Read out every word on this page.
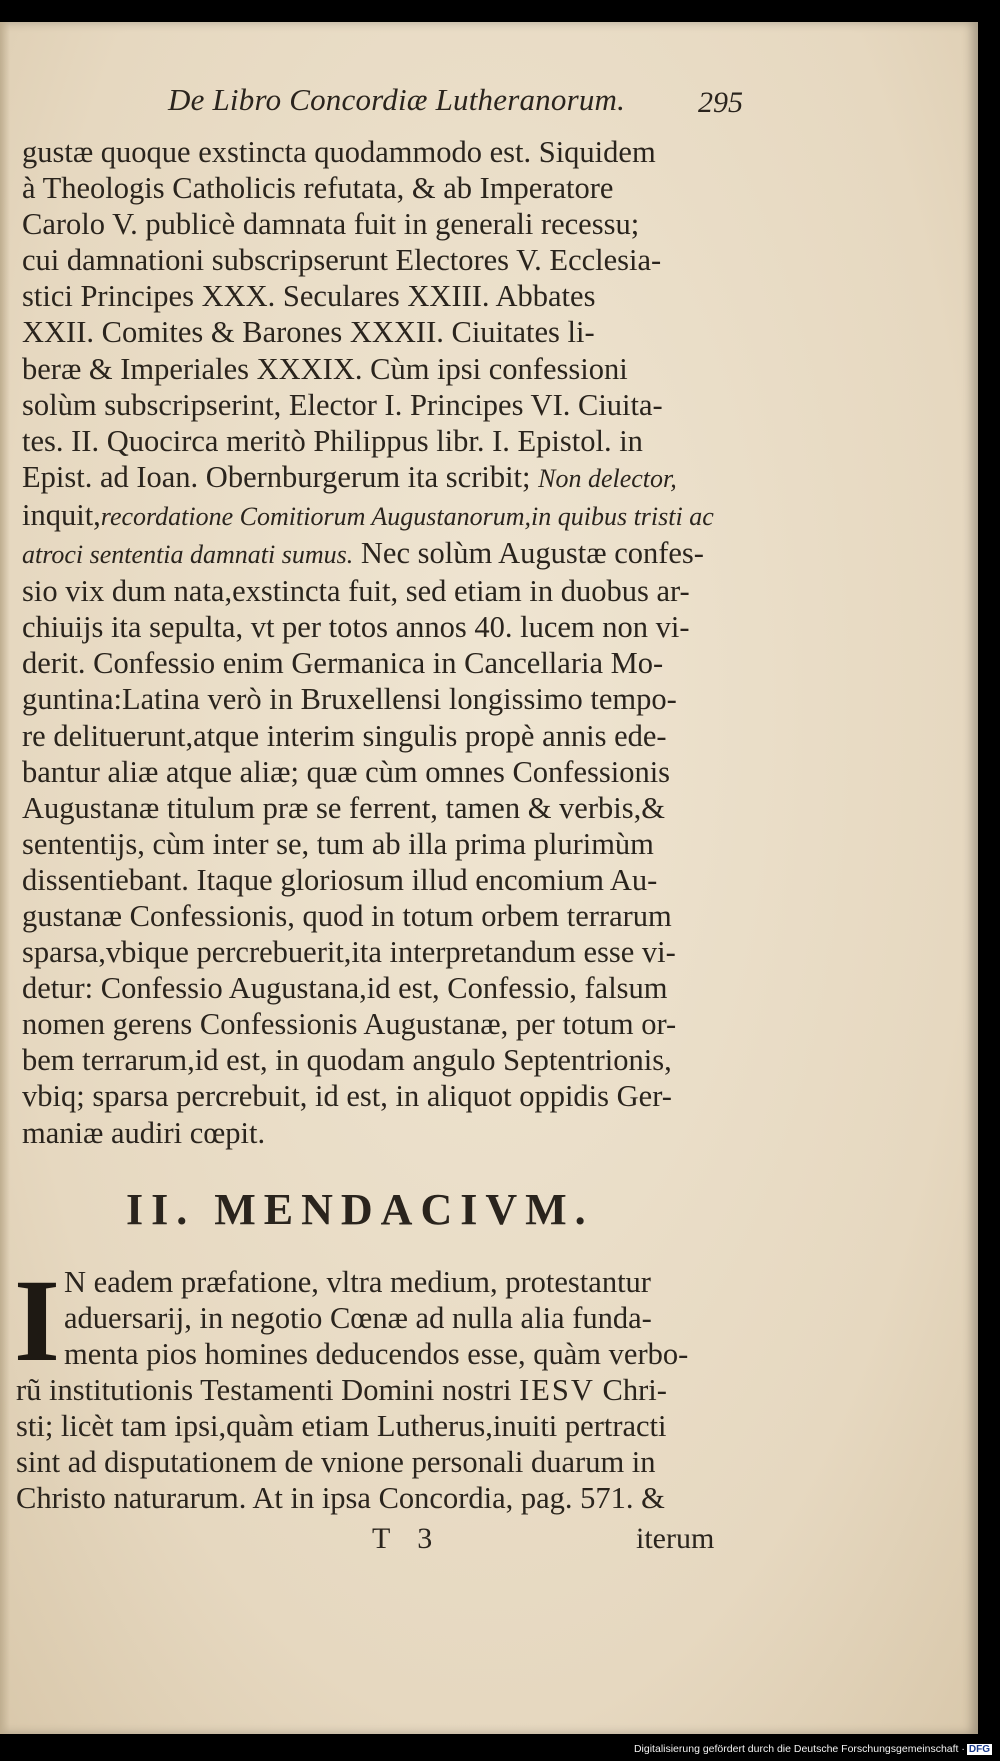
De Libro Concordiæ Lutheranorum. 295
gustæ quoque exstincta quodammodo est. Siquidem
à Theologis Catholicis refutata, & ab Imperatore
Carolo V. publicè damnata fuit in generali recessu;
cui damnationi subscripserunt Electores V. Ecclesia-
stici Principes XXX. Seculares XXIII. Abbates
XXII. Comites & Barones XXXII. Ciuitates li-
beræ & Imperiales XXXIX. Cùm ipsi confessioni
solùm subscripserint, Elector I. Principes VI. Ciuita-
tes. II. Quocirca meritò Philippus libr. I. Epistol. in
Epist. ad Ioan. Obernburgerum ita scribit; Non delector,
inquit,recordatione Comitiorum Augustanorum,in quibus tristi ac
atroci sententia damnati sumus. Nec solùm Augustæ confes-
sio vix dum nata,exstincta fuit, sed etiam in duobus ar-
chiuijs ita sepulta, vt per totos annos 40. lucem non vi-
derit. Confessio enim Germanica in Cancellaria Mo-
guntina:Latina verò in Bruxellensi longissimo tempo-
re delituerunt,atque interim singulis propè annis ede-
bantur aliæ atque aliæ; quæ cùm omnes Confessionis
Augustanæ titulum præ se ferrent, tamen & verbis,&
sententijs, cùm inter se, tum ab illa prima plurimùm
dissentiebant. Itaque gloriosum illud encomium Au-
gustanæ Confessionis, quod in totum orbem terrarum
sparsa,vbique percrebuerit,ita interpretandum esse vi-
detur: Confessio Augustana,id est, Confessio, falsum
nomen gerens Confessionis Augustanæ, per totum or-
bem terrarum,id est, in quodam angulo Septentrionis,
vbiq; sparsa percrebuit, id est, in aliquot oppidis Ger-
maniæ audiri cœpit.
II. MENDACIVM.
I N eadem præfatione, vltra medium, protestantur
aduersarij, in negotio Cœnæ ad nulla alia funda-
menta pios homines deducendos esse, quàm verbo-
rũ institutionis Testamenti Domini nostri IESV Chri-
sti; licèt tam ipsi,quàm etiam Lutherus,inuiti pertracti
sint ad disputationem de vnione personali duarum in
Christo naturarum. At in ipsa Concordia, pag. 571. &
T 3	iterum
Digitalisierung gefördert durch die Deutsche Forschungsgemeinschaft · DFG
